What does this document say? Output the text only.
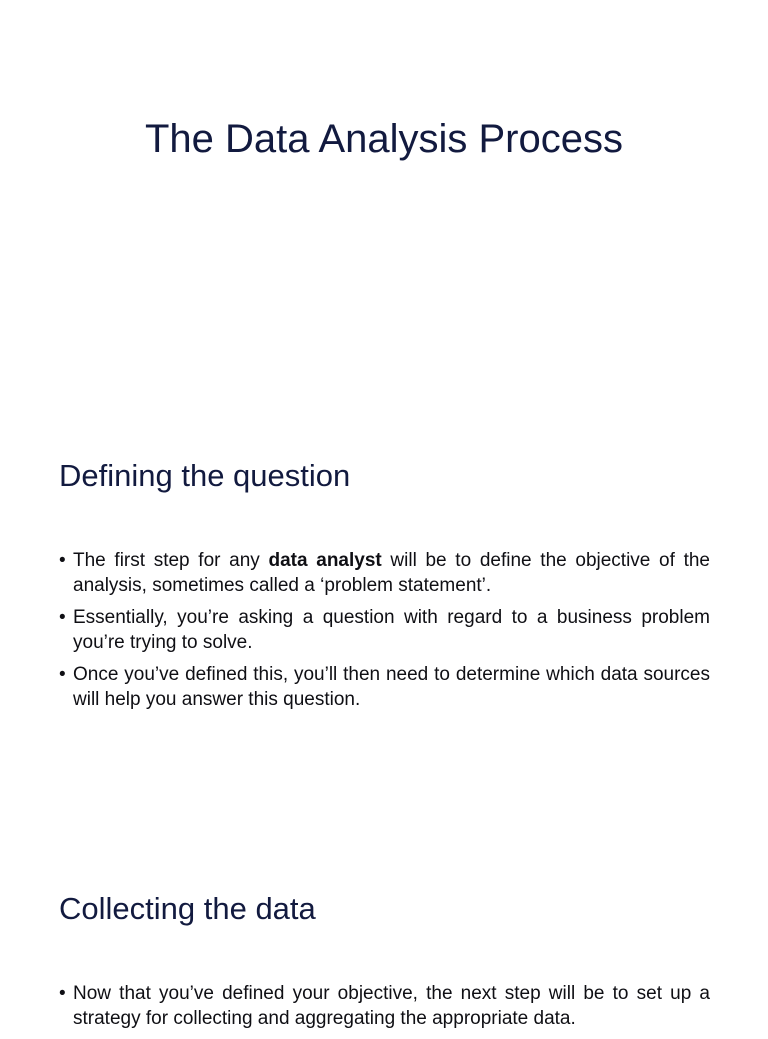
The Data Analysis Process
Defining the question
• The first step for any data analyst will be to define the objective of the analysis, sometimes called a ‘problem statement’.
• Essentially, you’re asking a question with regard to a business problem you’re trying to solve.
• Once you’ve defined this, you’ll then need to determine which data sources will help you answer this question.
Collecting the data
• Now that you’ve defined your objective, the next step will be to set up a strategy for collecting and aggregating the appropriate data.
